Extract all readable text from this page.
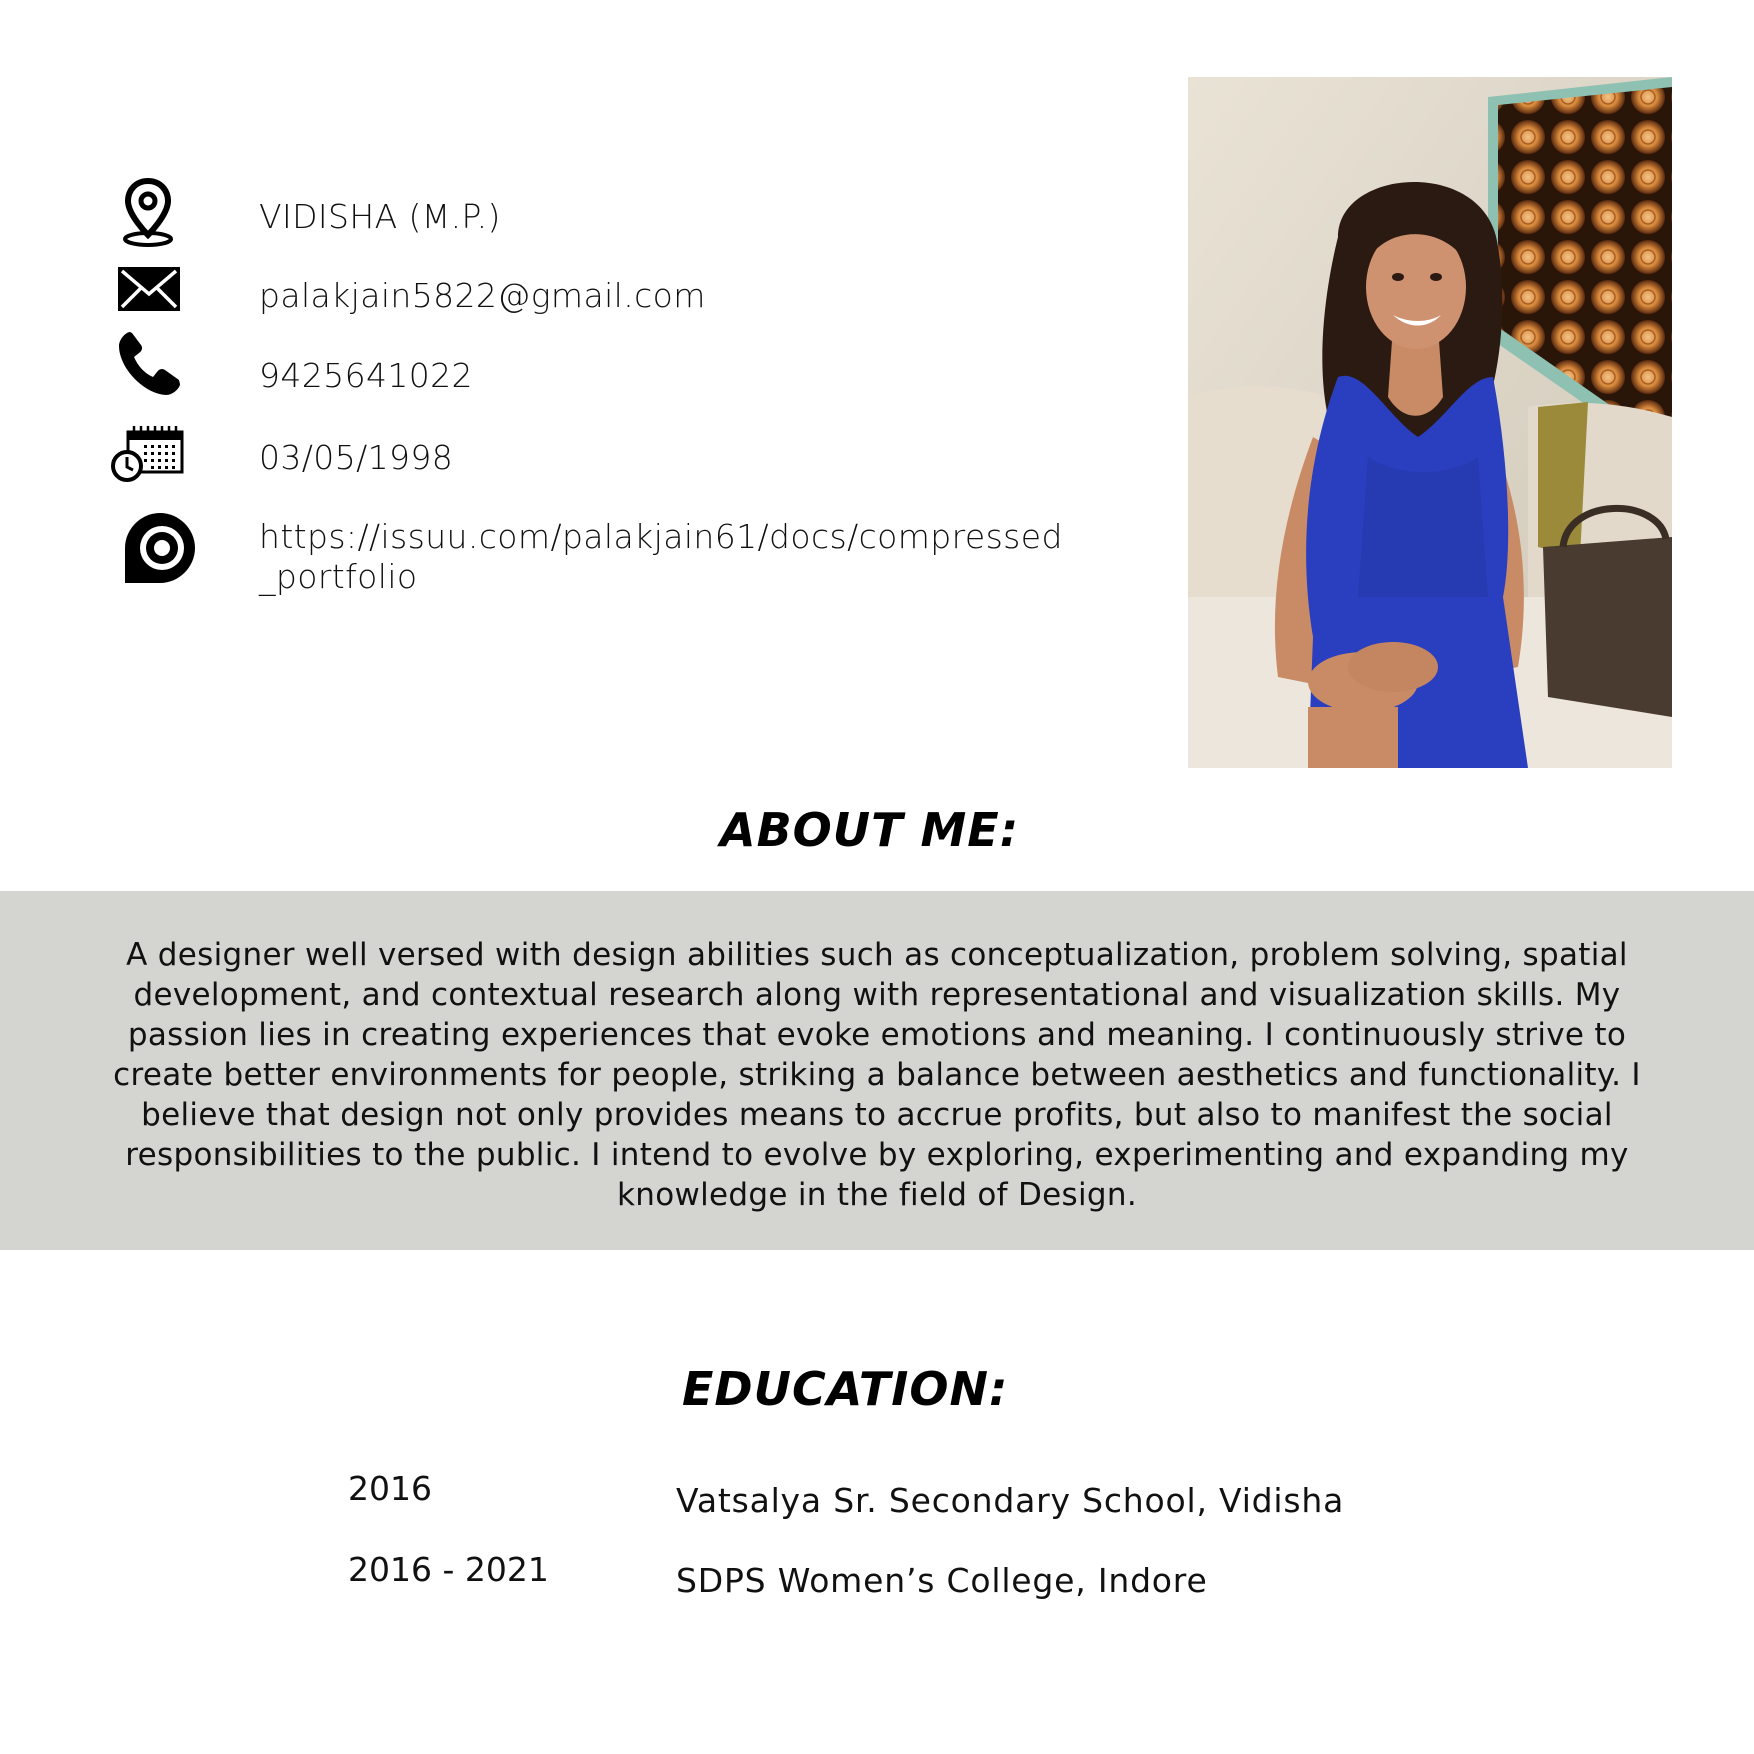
VIDISHA (M.P.)
palakjain5822@gmail.com
9425641022
03/05/1998
https://issuu.com/palakjain61/docs/compressed_portfolio
ABOUT ME:

A designer well versed with design abilities such as conceptualization, problem solving, spatial development, and contextual research along with representational and visualization skills. My passion lies in creating experiences that evoke emotions and meaning. I continuously strive to create better environments for people, striking a balance between aesthetics and functionality. I believe that design not only provides means to accrue profits, but also to manifest the social responsibilities to the public. I intend to evolve by exploring, experimenting and expanding my knowledge in the field of Design.

EDUCATION:
2016	Vatsalya Sr. Secondary School, Vidisha
2016 - 2021	SDPS Women’s College, Indore
